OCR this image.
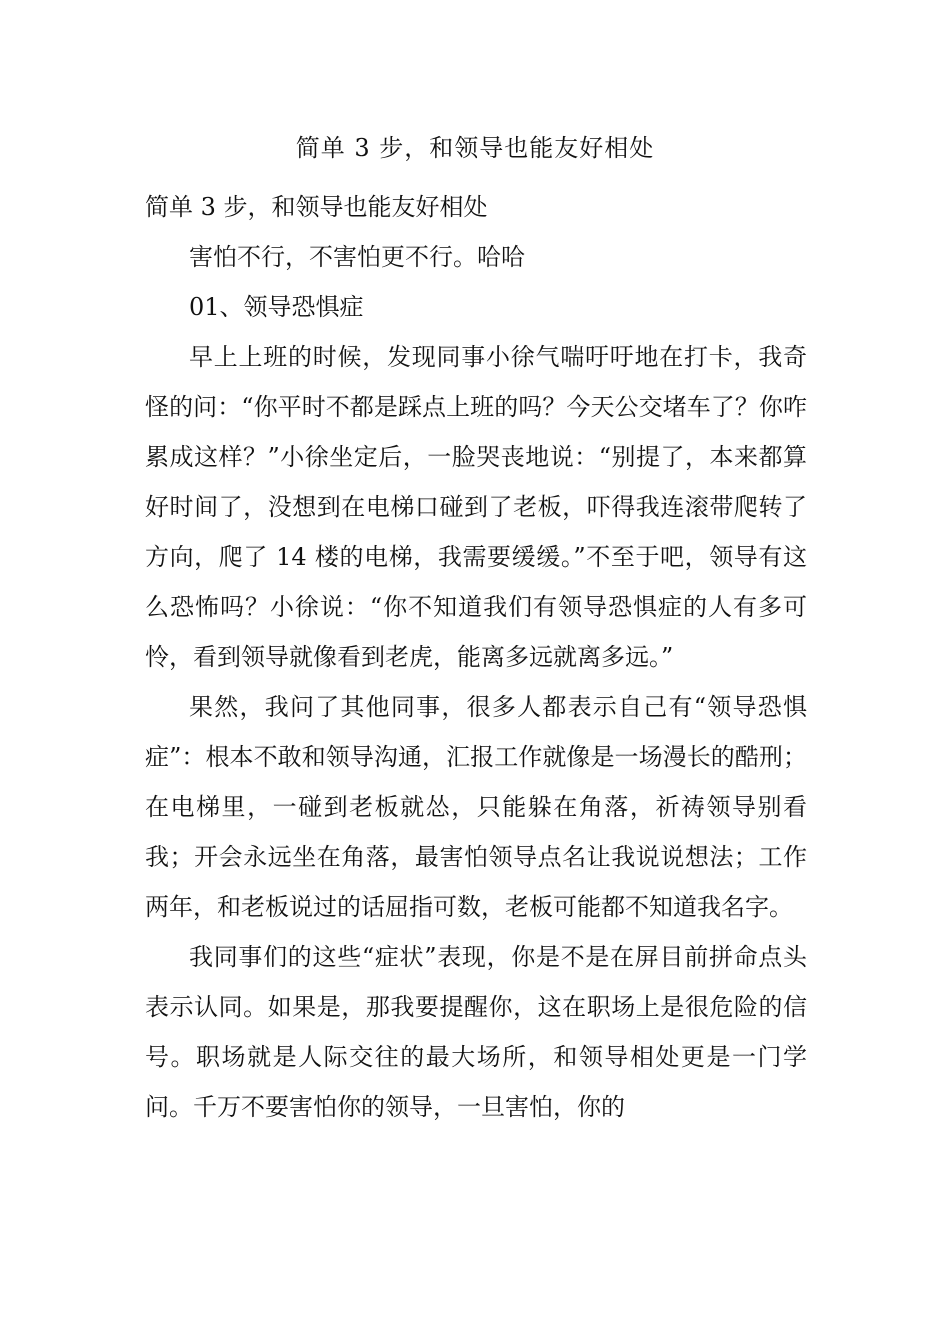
简单 3 步，和领导也能友好相处

简单 3 步，和领导也能友好相处

害怕不行，不害怕更不行。哈哈

01、领导恐惧症

早上上班的时候，发现同事小徐气喘吁吁地在打卡，我奇怪的问：“你平时不都是踩点上班的吗？今天公交堵车了？你咋累成这样？”小徐坐定后，一脸哭丧地说：“别提了，本来都算好时间了，没想到在电梯口碰到了老板，吓得我连滚带爬转了方向，爬了 14 楼的电梯，我需要缓缓。”不至于吧，领导有这么恐怖吗？小徐说：“你不知道我们有领导恐惧症的人有多可怜，看到领导就像看到老虎，能离多远就离多远。”

果然，我问了其他同事，很多人都表示自己有“领导恐惧症”：根本不敢和领导沟通，汇报工作就像是一场漫长的酷刑；在电梯里，一碰到老板就怂，只能躲在角落，祈祷领导别看我；开会永远坐在角落，最害怕领导点名让我说说想法；工作两年，和老板说过的话屈指可数，老板可能都不知道我名字。

我同事们的这些“症状”表现，你是不是在屏目前拼命点头表示认同。如果是，那我要提醒你，这在职场上是很危险的信号。职场就是人际交往的最大场所，和领导相处更是一门学问。千万不要害怕你的领导，一旦害怕，你的
